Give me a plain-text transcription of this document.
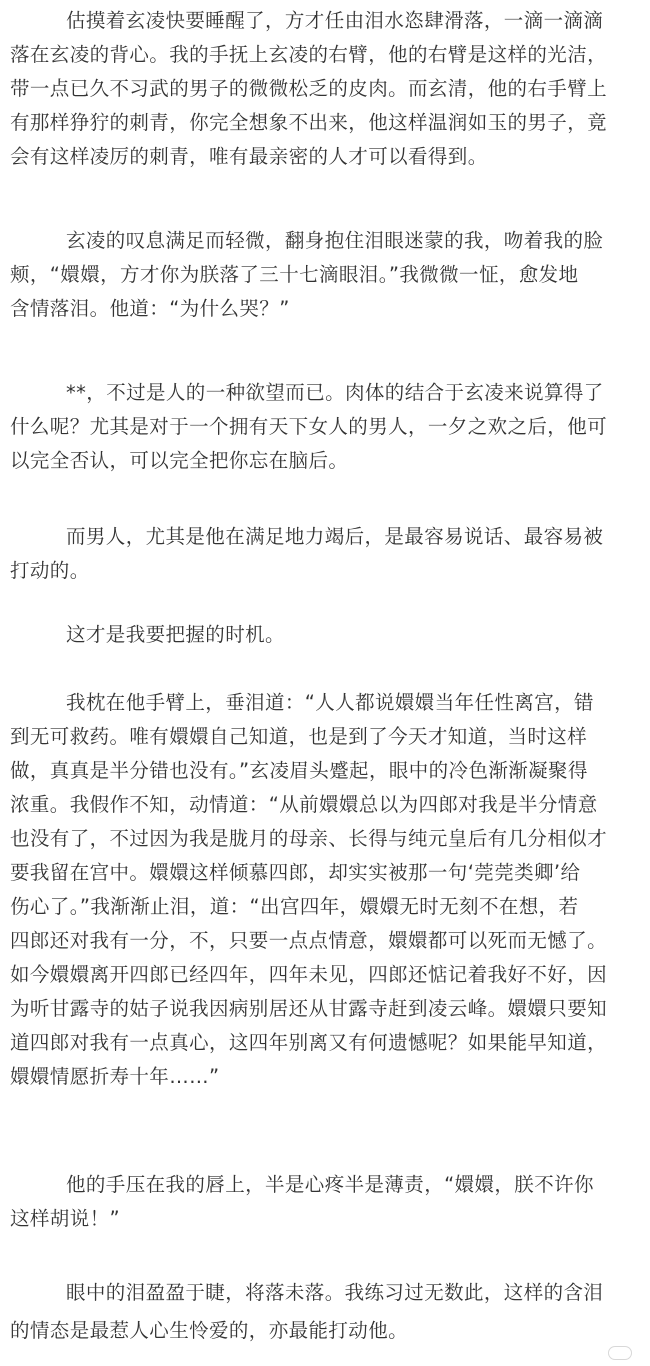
估摸着玄凌快要睡醒了，方才任由泪水恣肆滑落，一滴一滴滴
落在玄凌的背心。我的手抚上玄凌的右臂，他的右臂是这样的光洁，
带一点已久不习武的男子的微微松乏的皮肉。而玄清，他的右手臂上
有那样狰狞的刺青，你完全想象不出来，他这样温润如玉的男子，竟
会有这样凌厉的刺青，唯有最亲密的人才可以看得到。
玄凌的叹息满足而轻微，翻身抱住泪眼迷蒙的我，吻着我的脸
颊，“嬛嬛，方才你为朕落了三十七滴眼泪。”我微微一怔，愈发地
含情落泪。他道：“为什么哭？”
**，不过是人的一种欲望而已。肉体的结合于玄凌来说算得了
什么呢？尤其是对于一个拥有天下女人的男人，一夕之欢之后，他可
以完全否认，可以完全把你忘在脑后。
而男人，尤其是他在满足地力竭后，是最容易说话、最容易被
打动的。
这才是我要把握的时机。
我枕在他手臂上，垂泪道：“人人都说嬛嬛当年任性离宫，错
到无可救药。唯有嬛嬛自己知道，也是到了今天才知道，当时这样
做，真真是半分错也没有。”玄凌眉头蹙起，眼中的冷色渐渐凝聚得
浓重。我假作不知，动情道：“从前嬛嬛总以为四郎对我是半分情意
也没有了，不过因为我是胧月的母亲、长得与纯元皇后有几分相似才
要我留在宫中。嬛嬛这样倾慕四郎，却实实被那一句‘莞莞类卿’给
伤心了。”我渐渐止泪，道：“出宫四年，嬛嬛无时无刻不在想，若
四郎还对我有一分，不，只要一点点情意，嬛嬛都可以死而无憾了。
如今嬛嬛离开四郎已经四年，四年未见，四郎还惦记着我好不好，因
为听甘露寺的姑子说我因病别居还从甘露寺赶到凌云峰。嬛嬛只要知
道四郎对我有一点真心，这四年别离又有何遗憾呢？如果能早知道，
嬛嬛情愿折寿十年……”
他的手压在我的唇上，半是心疼半是薄责，“嬛嬛，朕不许你
这样胡说！”
眼中的泪盈盈于睫，将落未落。我练习过无数此，这样的含泪
的情态是最惹人心生怜爱的，亦最能打动他。
